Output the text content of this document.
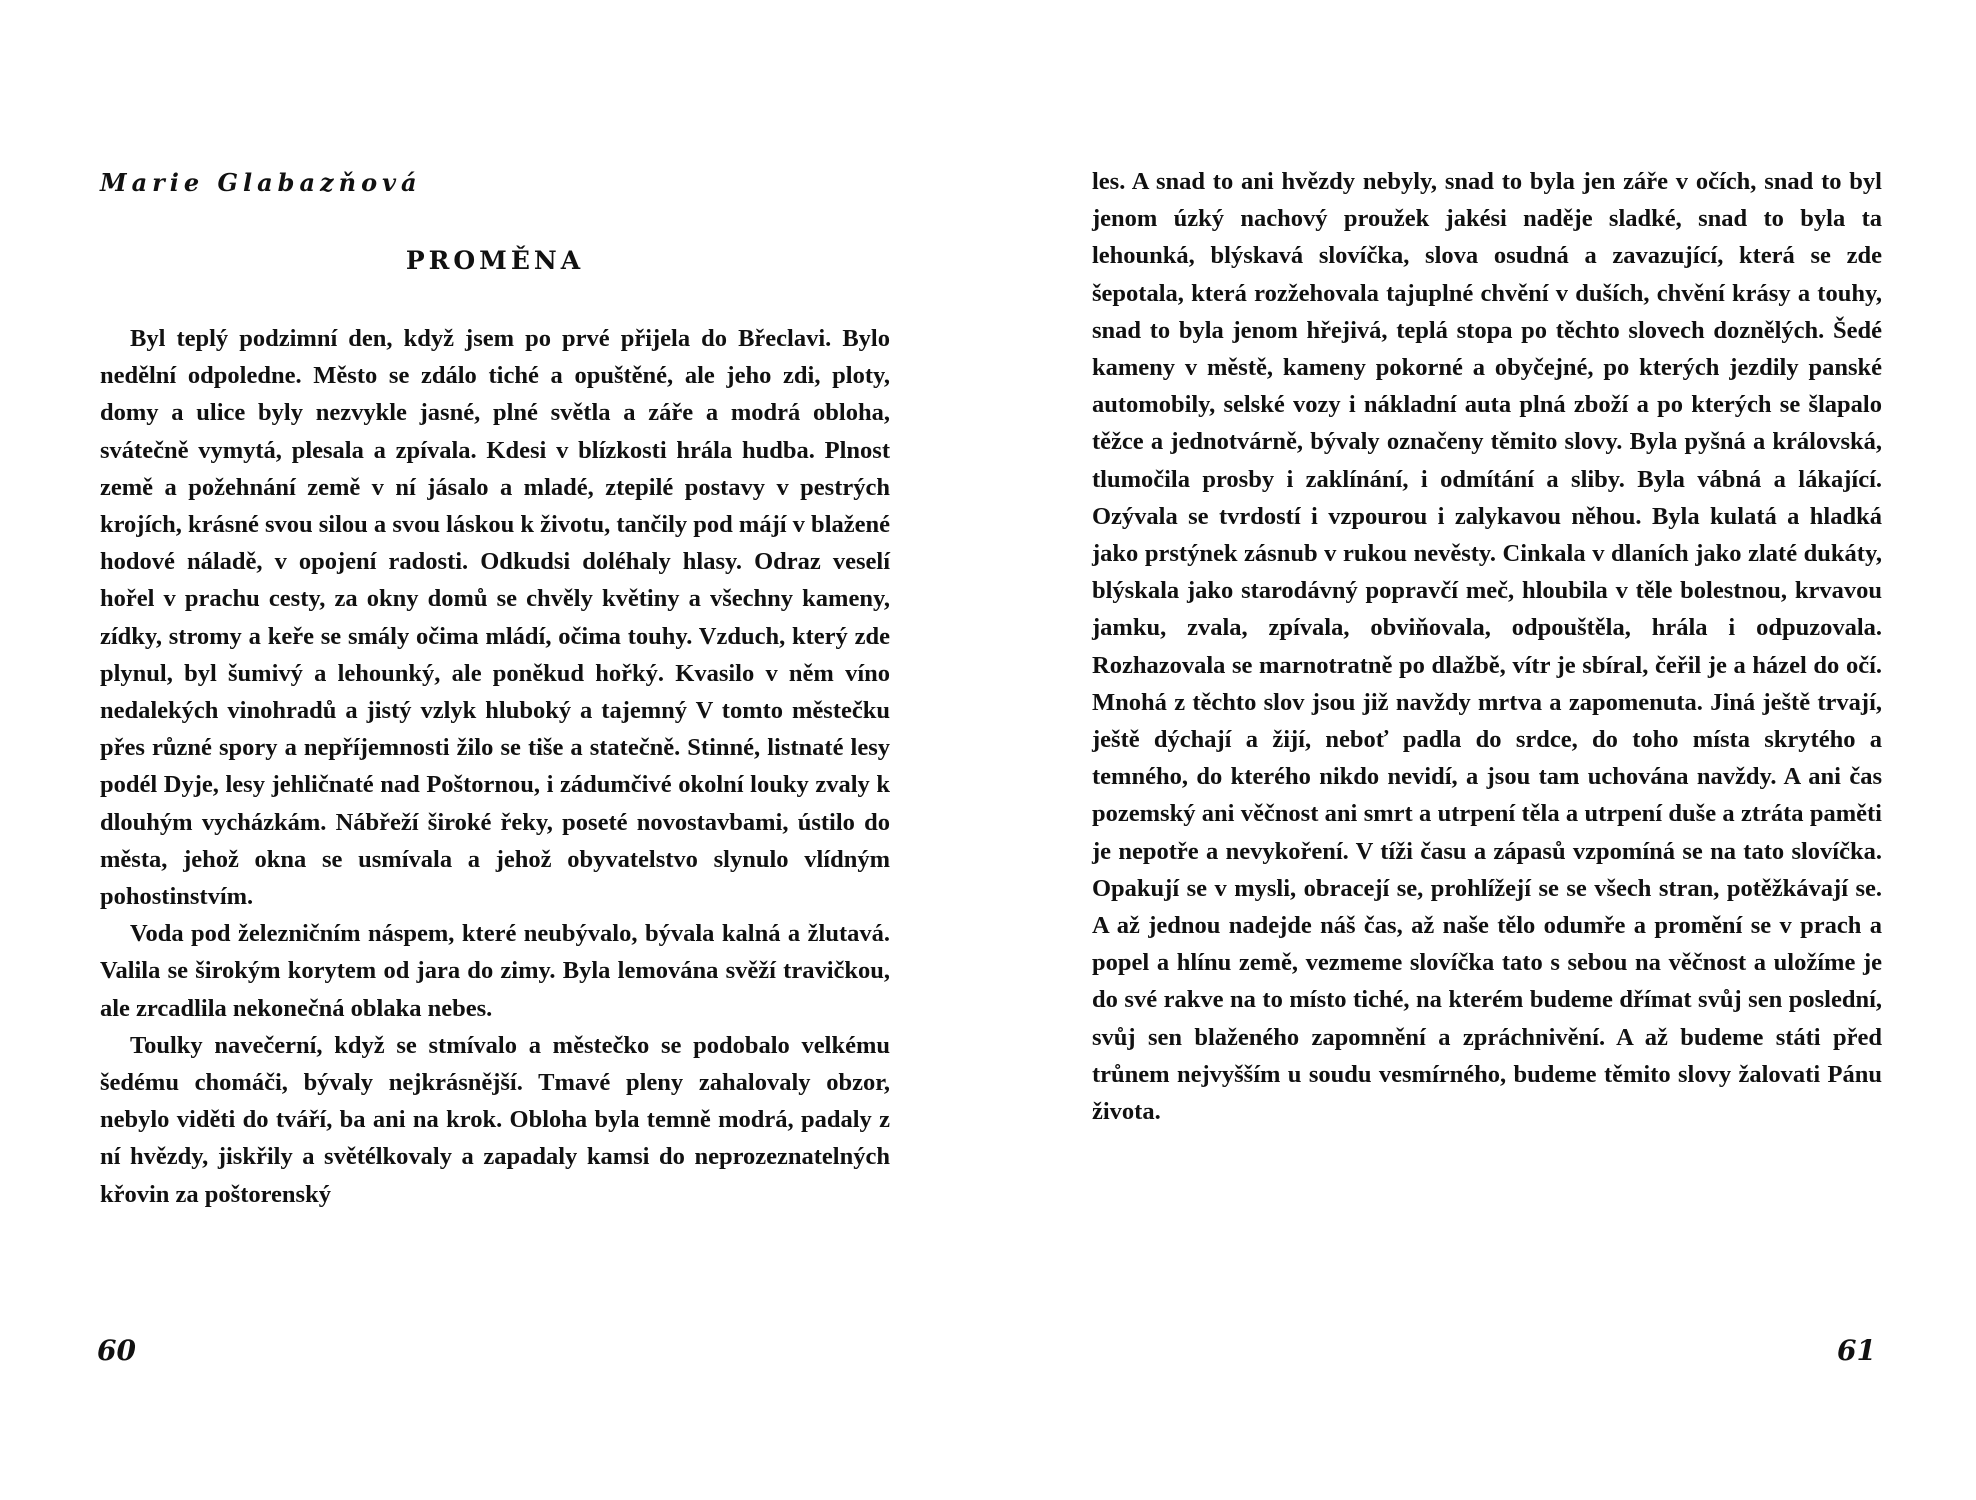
Marie Glabazňová
PROMĚNA

Byl teplý podzimní den, když jsem po prvé přijela do Břeclavi. Bylo nedělní odpoledne. Město se zdálo tiché a opuštěné, ale jeho zdi, ploty, domy a ulice byly nezvykle jasné, plné světla a záře a modrá obloha, svátečně vymytá, plesala a zpívala. Kdesi v blízkosti hrála hudba. Plnost země a požehnání země v ní jásalo a mladé, ztepilé postavy v pestrých krojích, krásné svou silou a svou láskou k životu, tančily pod májí v blažené hodové náladě, v opojení radosti. Odkudsi doléhaly hlasy. Odraz veselí hořel v prachu cesty, za okny domů se chvěly květiny a všechny kameny, zídky, stromy a keře se smály očima mládí, očima touhy. Vzduch, který zde plynul, byl šumivý a lehounký, ale poněkud hořký. Kvasilo v něm víno nedalekých vinohradů a jistý vzlyk hluboký a tajemný V tomto městečku přes různé spory a nepříjemnosti žilo se tiše a statečně. Stinné, listnaté lesy podél Dyje, lesy jehličnaté nad Poštornou, i zádumčivé okolní louky zvaly k dlouhým vycházkám. Nábřeží široké řeky, poseté novostavbami, ústilo do města, jehož okna se usmívala a jehož obyvatelstvo slynulo vlídným pohostinstvím.

Voda pod železničním náspem, které neubývalo, bývala kalná a žlutavá. Valila se širokým korytem od jara do zimy. Byla lemována svěží travičkou, ale zrcadlila nekonečná oblaka nebes.

Toulky navečerní, když se stmívalo a městečko se podobalo velkému šedému chomáči, bývaly nejkrásnější. Tmavé pleny zahalovaly obzor, nebylo viděti do tváří, ba ani na krok. Obloha byla temně modrá, padaly z ní hvězdy, jiskřily a světélkovaly a zapadaly kamsi do neprozeznatelných křovin za poštorenský

60

les. A snad to ani hvězdy nebyly, snad to byla jen záře v očích, snad to byl jenom úzký nachový proužek jakési naděje sladké, snad to byla ta lehounká, blýskavá slovíčka, slova osudná a zavazující, která se zde šepotala, která rozžehovala tajuplné chvění v duších, chvění krásy a touhy, snad to byla jenom hřejivá, teplá stopa po těchto slovech doznělých. Šedé kameny v městě, kameny pokorné a obyčejné, po kterých jezdily panské automobily, selské vozy i nákladní auta plná zboží a po kterých se šlapalo těžce a jednotvárně, bývaly označeny těmito slovy. Byla pyšná a královská, tlumočila prosby i zaklínání, i odmítání a sliby. Byla vábná a lákající. Ozývala se tvrdostí i vzpourou i zalykavou něhou. Byla kulatá a hladká jako prstýnek zásnub v rukou nevěsty. Cinkala v dlaních jako zlaté dukáty, blýskala jako starodávný popravčí meč, hloubila v těle bolestnou, krvavou jamku, zvala, zpívala, obviňovala, odpouštěla, hrála i odpuzovala. Rozhazovala se marnotratně po dlažbě, vítr je sbíral, čeřil je a házel do očí. Mnohá z těchto slov jsou již navždy mrtva a zapomenuta. Jiná ještě trvají, ještě dýchají a žijí, neboť padla do srdce, do toho místa skrytého a temného, do kterého nikdo nevidí, a jsou tam uchována navždy. A ani čas pozemský ani věčnost ani smrt a utrpení těla a utrpení duše a ztráta paměti je nepotře a nevykoření. V tíži času a zápasů vzpomíná se na tato slovíčka. Opakují se v mysli, obracejí se, prohlížejí se se všech stran, potěžkávají se. A až jednou nadejde náš čas, až naše tělo odumře a promění se v prach a popel a hlínu země, vezmeme slovíčka tato s sebou na věčnost a uložíme je do své rakve na to místo tiché, na kterém budeme dřímat svůj sen poslední, svůj sen blaženého zapomnění a zpráchnivění. A až budeme státi před trůnem nejvyšším u soudu vesmírného, budeme těmito slovy žalovati Pánu života.

61
